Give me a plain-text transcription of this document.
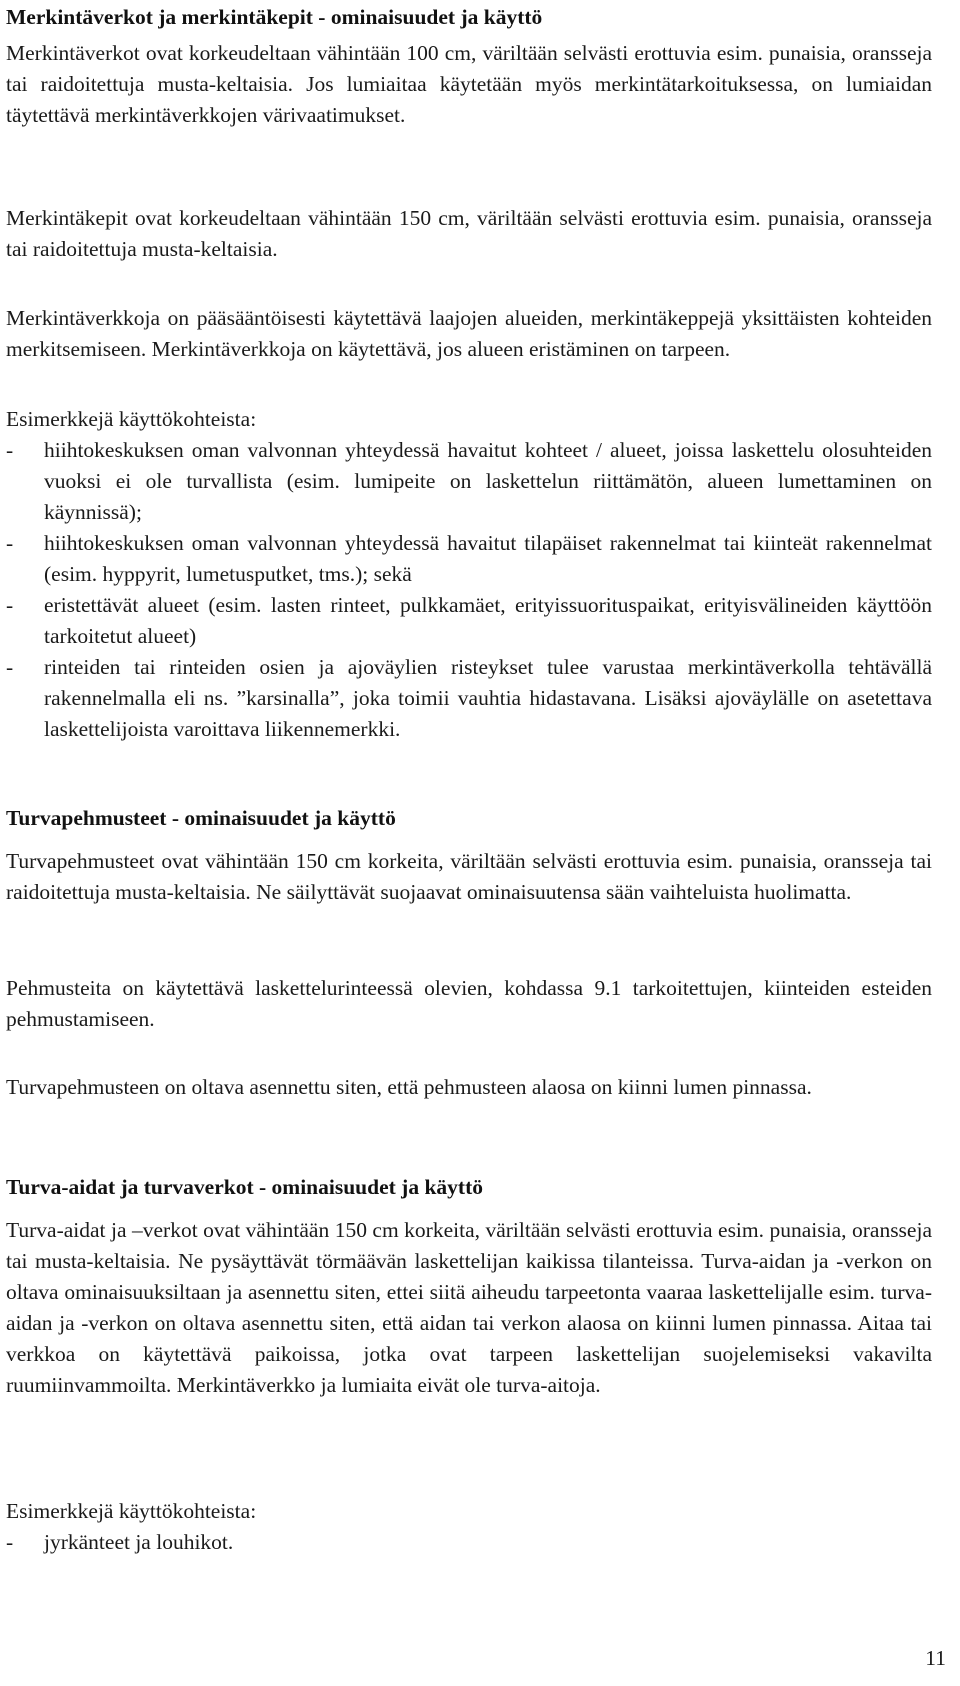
Merkintäverkot ja merkintäkepit - ominaisuudet ja käyttö

Merkintäverkot ovat korkeudeltaan vähintään 100 cm, väriltään selvästi erottuvia esim. punaisia, oransseja tai raidoitettuja musta-keltaisia. Jos lumiaitaa käytetään myös merkintätarkoituksessa, on lumiaidan täytettävä merkintäverkkojen värivaatimukset.

Merkintäkepit ovat korkeudeltaan vähintään 150 cm, väriltään selvästi erottuvia esim. punaisia, oransseja tai raidoitettuja musta-keltaisia.

Merkintäverkkoja on pääsääntöisesti käytettävä laajojen alueiden, merkintäkeppejä yksittäisten kohteiden merkitsemiseen. Merkintäverkkoja on käytettävä, jos alueen eristäminen on tarpeen.

Esimerkkejä käyttökohteista:

- hiihtokeskuksen oman valvonnan yhteydessä havaitut kohteet / alueet, joissa laskettelu olosuhteiden vuoksi ei ole turvallista (esim. lumipeite on laskettelun riittämätön, alueen lumettaminen on käynnissä);
- hiihtokeskuksen oman valvonnan yhteydessä havaitut tilapäiset rakennelmat tai kiinteät rakennelmat (esim. hyppyrit, lumetusputket, tms.); sekä
- eristettävät alueet (esim. lasten rinteet, pulkkamäet, erityissuorituspaikat, erityisvälineiden käyttöön tarkoitetut alueet)
- rinteiden tai rinteiden osien ja ajoväylien risteykset tulee varustaa merkintäverkolla tehtävällä rakennelmalla eli ns. ”karsinalla”, joka toimii vauhtia hidastavana. Lisäksi ajoväylälle on asetettava laskettelijoista varoittava liikennemerkki.
Turvapehmusteet - ominaisuudet ja käyttö

Turvapehmusteet ovat vähintään 150 cm korkeita, väriltään selvästi erottuvia esim. punaisia, oransseja tai raidoitettuja musta-keltaisia. Ne säilyttävät suojaavat ominaisuutensa sään vaihteluista huolimatta.

Pehmusteita on käytettävä laskettelurinteessä olevien, kohdassa 9.1 tarkoitettujen, kiinteiden esteiden pehmustamiseen.

Turvapehmusteen on oltava asennettu siten, että pehmusteen alaosa on kiinni lumen pinnassa.

Turva-aidat ja turvaverkot - ominaisuudet ja käyttö

Turva-aidat ja –verkot ovat vähintään 150 cm korkeita, väriltään selvästi erottuvia esim. punaisia, oransseja tai musta-keltaisia. Ne pysäyttävät törmäävän laskettelijan kaikissa tilanteissa. Turva-aidan ja -verkon on oltava ominaisuuksiltaan ja asennettu siten, ettei siitä aiheudu tarpeetonta vaaraa laskettelijalle esim. turva-aidan ja -verkon on oltava asennettu siten, että aidan tai verkon alaosa on kiinni lumen pinnassa. Aitaa tai verkkoa on käytettävä paikoissa, jotka ovat tarpeen laskettelijan suojelemiseksi vakavilta ruumiinvammoilta. Merkintäverkko ja lumiaita eivät ole turva-aitoja.

Esimerkkejä käyttökohteista:

- jyrkänteet ja louhikot.
11
